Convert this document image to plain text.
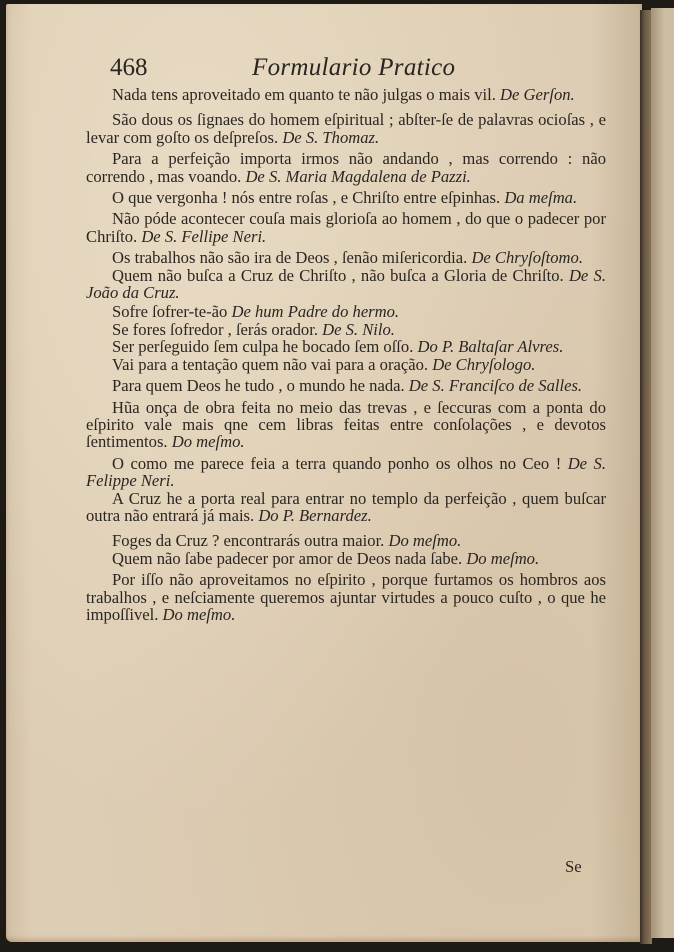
468	Formulario Pratico

Nada tens aproveitado em quanto te não julgas o mais vil. De Gerſon.

São dous os ſignaes do homem eſpiritual ; abſter-ſe de palavras ocioſas , e levar com goſto os deſpreſos. De S. Thomaz.

Para a perfeição importa irmos não andando , mas correndo : não correndo , mas voando. De S. Maria Magdalena de Pazzi.

O que vergonha ! nós entre roſas , e Chriſto entre eſpinhas. Da meſma.

Não póde acontecer couſa mais glorioſa ao homem , do que o padecer por Chriſto. De S. Fellipe Neri.

Os trabalhos não são ira de Deos , ſenão miſericordia. De Chryſoſtomo.

Quem não buſca a Cruz de Chriſto , não buſca a Gloria de Chriſto. De S. João da Cruz.

Sofre ſofrer-te-ão De hum Padre do hermo.

Se fores ſofredor , ſerás orador. De S. Nilo.

Ser perſeguido ſem culpa he bocado ſem oſſo. Do P. Baltaſar Alvres.

Vai para a tentação quem não vai para a oração. De Chryſologo.

Para quem Deos he tudo , o mundo he nada. De S. Franciſco de Salles.

Hũa onça de obra feita no meio das trevas , e ſeccuras com a ponta do eſpirito vale mais qne cem libras feitas entre conſolações , e devotos ſentimentos. Do meſmo.

O como me parece feia a terra quando ponho os olhos no Ceo ! De S. Felippe Neri.

A Cruz he a porta real para entrar no templo da perfeição , quem buſcar outra não entrará já mais. Do P. Bernardez.

Foges da Cruz ? encontrarás outra maior. Do meſmo.

Quem não ſabe padecer por amor de Deos nada ſabe. Do meſmo.

Por iſſo não aproveitamos no eſpirito , porque furtamos os hombros aos trabalhos , e neſciamente queremos ajuntar virtudes a pouco cuſto , o que he impoſſivel. Do meſmo.

Se
